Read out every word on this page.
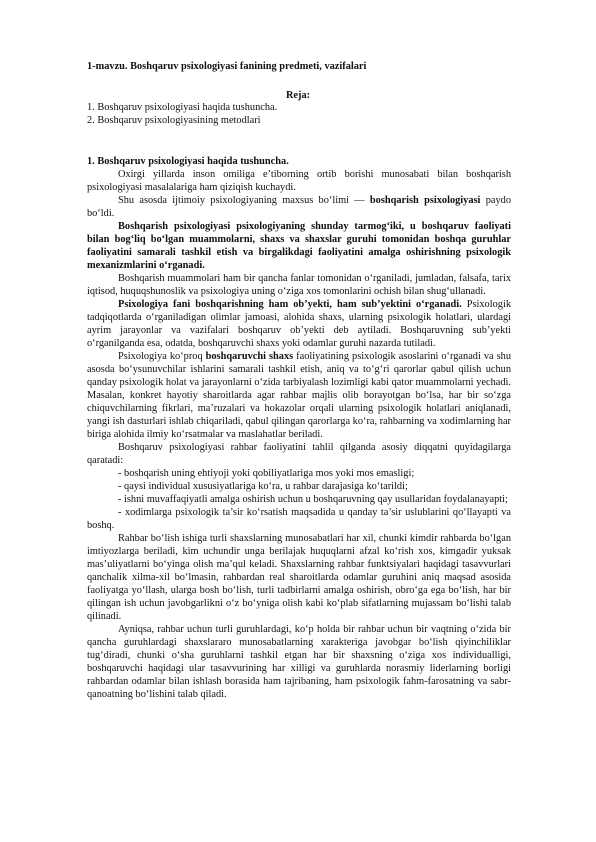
1-mavzu. Boshqaruv psixologiyasi fanining predmeti, vazifalari
Reja:
1. Boshqaruv psixologiyasi haqida tushuncha.
2. Boshqaruv psixologiyasining metodlari
1. Boshqaruv psixologiyasi haqida tushuncha.

Oxirgi yillarda inson omiliga e’tiborning ortib borishi munosabati bilan boshqarish psixologiyasi masalalariga ham qiziqish kuchaydi.

Shu asosda ijtimoiy psixologiyaning maxsus bo‘limi — boshqarish psixologiyasi paydo bo‘ldi.

Boshqarish psixologiyasi psixologiyaning shunday tarmog‘iki, u boshqaruv faoliyati bilan bog‘liq bo‘lgan muammolarni, shaxs va shaxslar guruhi tomonidan boshqa guruhlar faoliyatini samarali tashkil etish va birgalikdagi faoliyatini amalga oshirishning psixologik mexanizmlarini o‘rganadi.

Boshqarish muammolari ham bir qancha fanlar tomonidan o‘rganiladi, jumladan, falsafa, tarix iqtisod, huquqshunoslik va psixologiya uning o‘ziga xos tomonlarini ochish bilan shug‘ullanadi.

Psixologiya fani boshqarishning ham ob’yekti, ham sub’yektini o‘rganadi. Psixologik tadqiqotlarda o‘rganiladigan olimlar jamoasi, alohida shaxs, ularning psixologik holatlari, ulardagi ayrim jarayonlar va vazifalari boshqaruv ob’yekti deb aytiladi. Boshqaruvning sub’yekti o‘rganilganda esa, odatda, boshqaruvchi shaxs yoki odamlar guruhi nazarda tutiladi.

Psixologiya ko‘proq boshqaruvchi shaxs faoliyatining psixologik asoslarini o‘rganadi va shu asosda bo‘ysunuvchilar ishlarini samarali tashkil etish, aniq va to‘g‘ri qarorlar qabul qilish uchun qanday psixologik holat va jarayonlarni o‘zida tarbiyalash lozimligi kabi qator muammolarni yechadi. Masalan, konkret hayotiy sharoitlarda agar rahbar majlis olib borayotgan bo‘lsa, har bir so‘zga chiquvchilarning fikrlari, ma’ruzalari va hokazolar orqali ularning psixologik holatlari aniqlanadi, yangi ish dasturlari ishlab chiqariladi, qabul qilingan qarorlarga ko‘ra, rahbarning va xodimlarning har biriga alohida ilmiy ko‘rsatmalar va maslahatlar beriladi.

Boshqaruv psixologiyasi rahbar faoliyatini tahlil qilganda asosiy diqqatni quyidagilarga qaratadi:

- boshqarish uning ehtiyoji yoki qobiliyatlariga mos yoki mos emasligi;

- qaysi individual xususiyatlariga ko‘ra, u rahbar darajasiga ko‘tarildi;

- ishni muvaffaqiyatli amalga oshirish uchun u boshqaruvning qay usullaridan foydalanayapti;

- xodimlarga psixologik ta’sir ko‘rsatish maqsadida u qanday ta’sir uslublarini qo‘llayapti va boshq.

Rahbar bo‘lish ishiga turli shaxslarning munosabatlari har xil, chunki kimdir rahbarda bo‘lgan imtiyozlarga beriladi, kim uchundir unga berilajak huquqlarni afzal ko‘rish xos, kimgadir yuksak mas’uliyatlarni bo‘yinga olish ma’qul keladi. Shaxslarning rahbar funktsiyalari haqidagi tasavvurlari qanchalik xilma-xil bo‘lmasin, rahbardan real sharoitlarda odamlar guruhini aniq maqsad asosida faoliyatga yo‘llash, ularga bosh bo‘lish, turli tadbirlarni amalga oshirish, obro‘ga ega bo‘lish, har bir qilingan ish uchun javobgarlikni o‘z bo‘yniga olish kabi ko‘plab sifatlarning mujassam bo‘lishi talab qilinadi.

Ayniqsa, rahbar uchun turli guruhlardagi, ko‘p holda bir rahbar uchun bir vaqtning o‘zida bir qancha guruhlardagi shaxslararo munosabatlarning xarakteriga javobgar bo‘lish qiyinchiliklar tug‘diradi, chunki o‘sha guruhlarni tashkil etgan har bir shaxsning o‘ziga xos individualligi, boshqaruvchi haqidagi ular tasavvurining har xilligi va guruhlarda norasmiy liderlarning borligi rahbardan odamlar bilan ishlash borasida ham tajribaning, ham psixologik fahm-farosatning va sabr-qanoatning bo‘lishini talab qiladi.
